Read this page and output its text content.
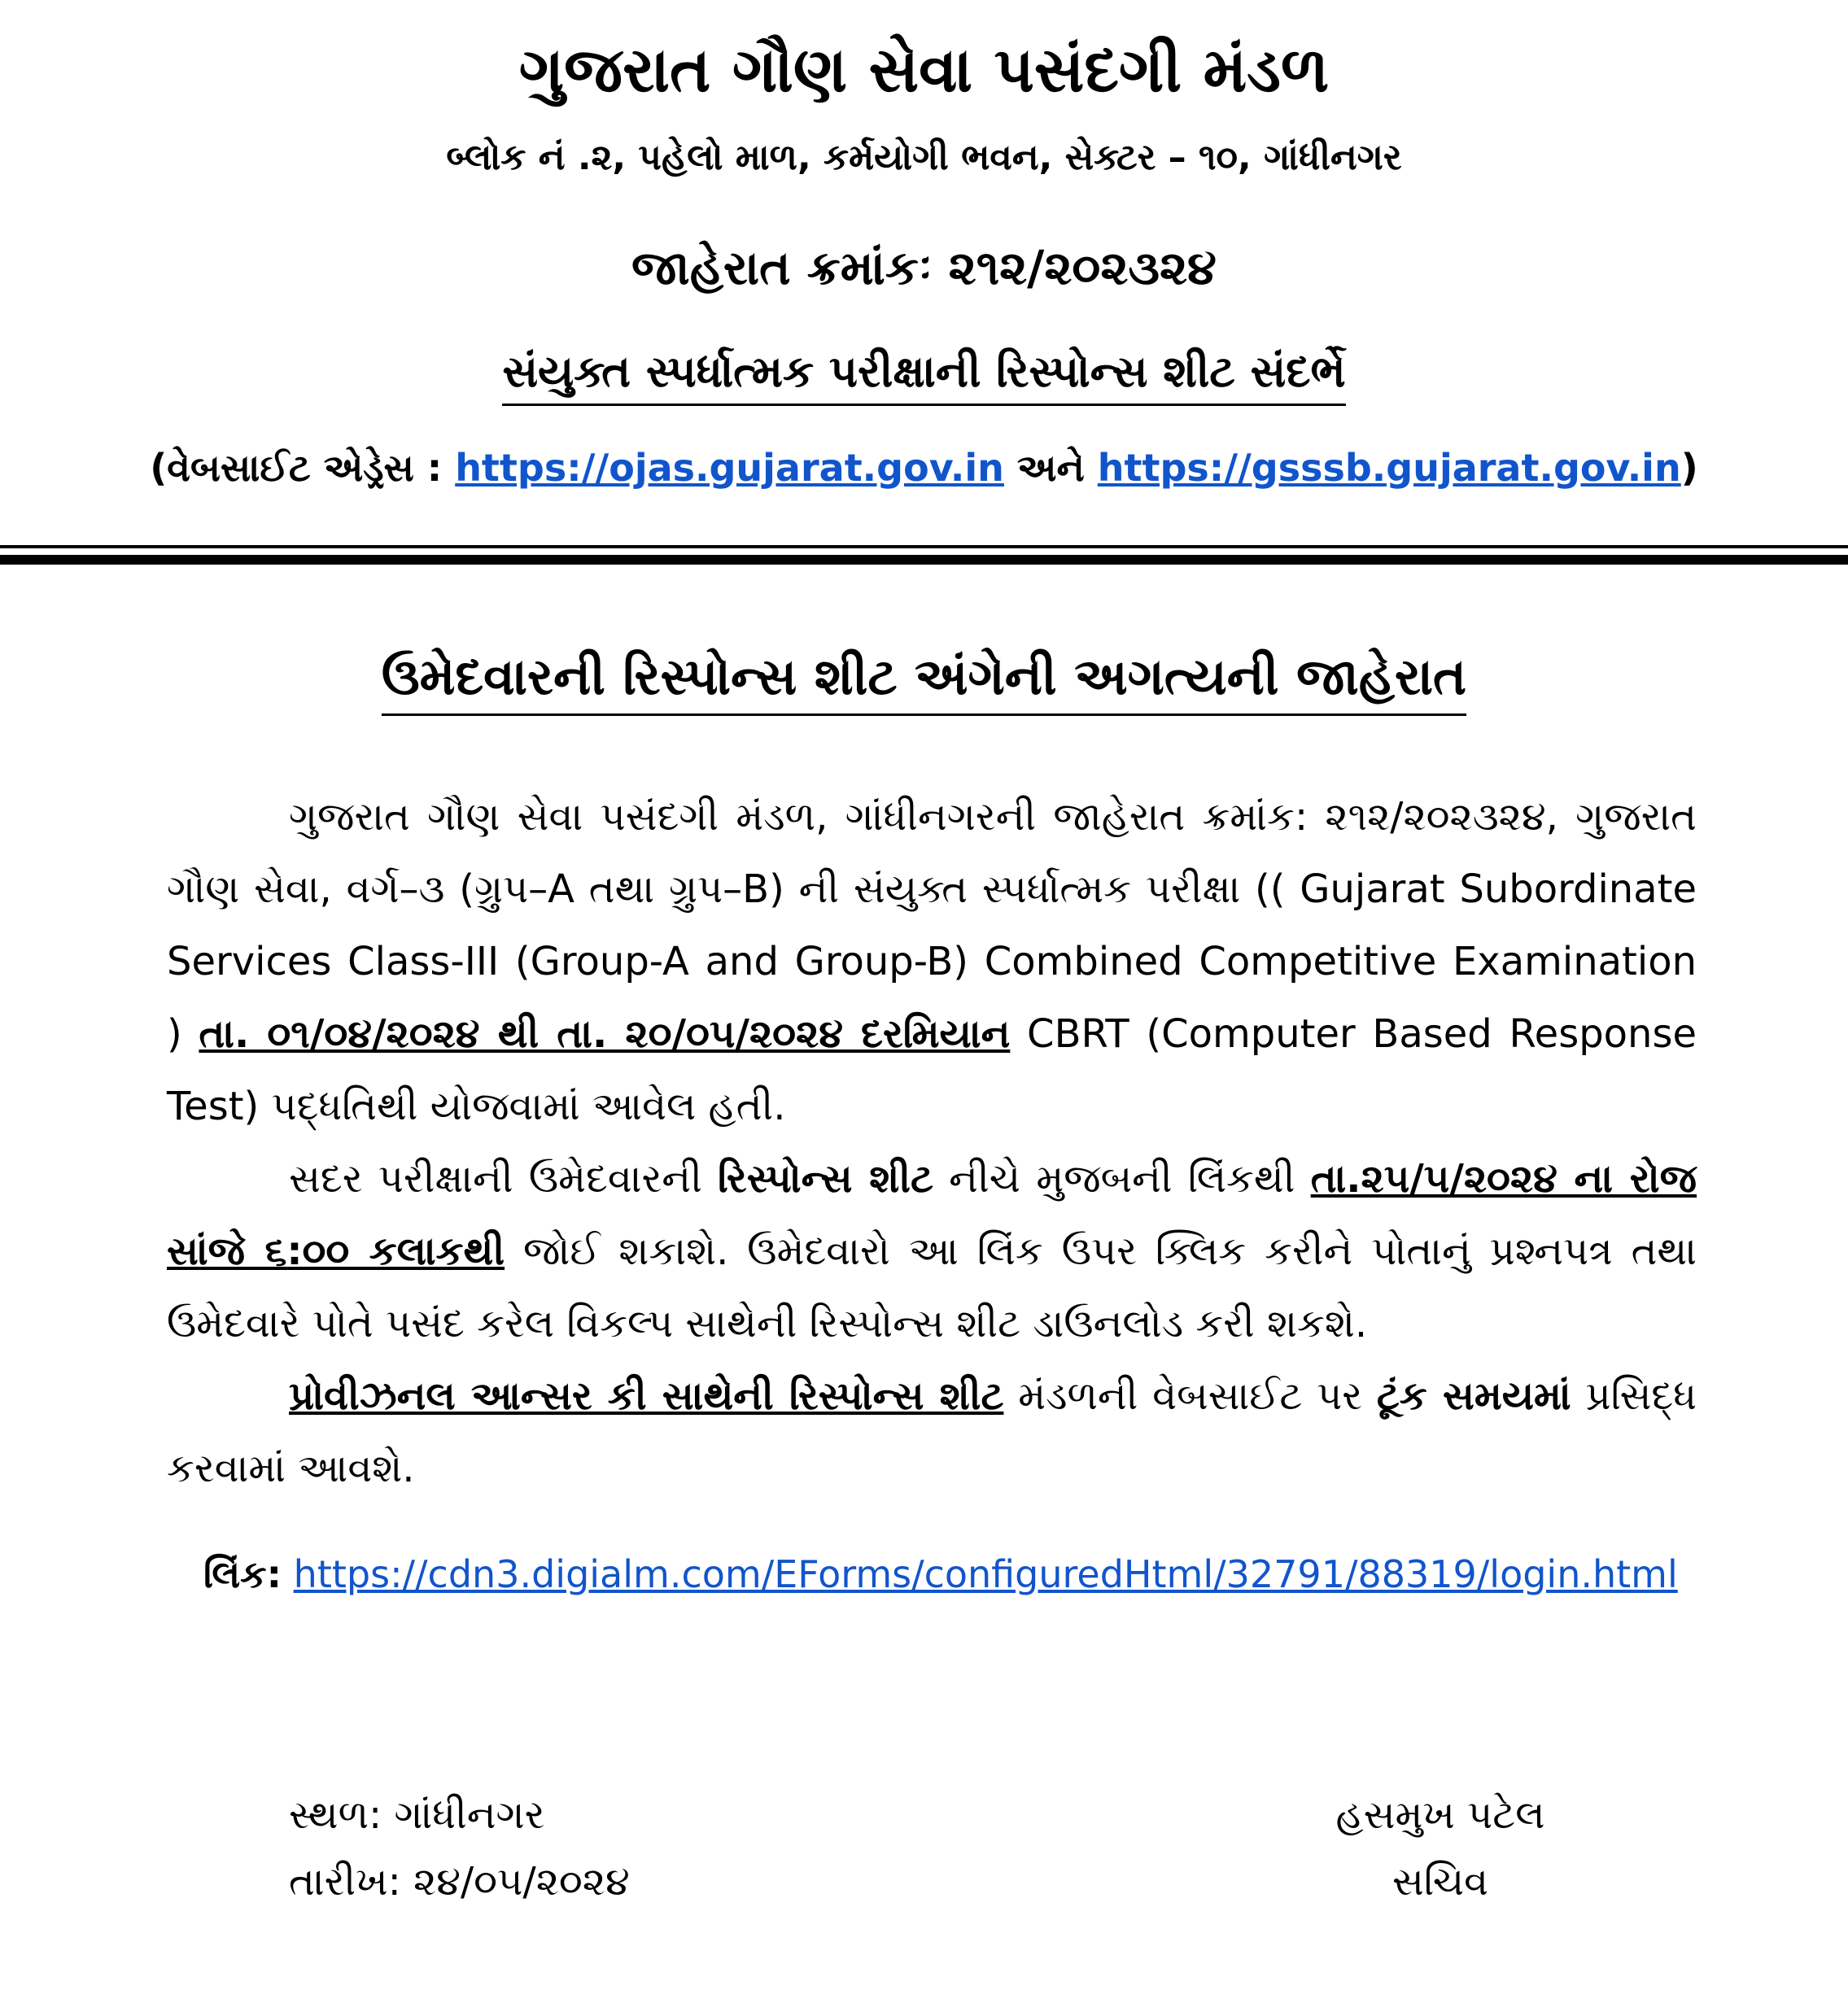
ગુજરાત ગૌણ સેવા પસંદગી મંડળ
બ્લોક નં .૨, પહેલો માળ, કર્મયોગી ભવન, સેક્ટર – ૧૦, ગાંધીનગર
જાહેરાત ક્રમાંકઃ ૨૧૨/૨૦૨૩૨૪
સંયુક્ત સ્પર્ધાત્મક પરીક્ષાની રિસ્પોન્સ શીટ સંદર્ભે
(વેબસાઈટ એડ્રેસ : https://ojas.gujarat.gov.in અને https://gsssb.gujarat.gov.in)
ઉમેદવારની રિસ્પોન્સ શીટ અંગેની અગત્યની જાહેરાત

ગુજરાત ગૌણ સેવા પસંદગી મંડળ, ગાંધીનગરની જાહેરાત ક્રમાંક: ૨૧૨/૨૦૨૩૨૪, ગુજરાત ગૌણ સેવા, વર્ગ–૩ (ગ્રુપ–A તથા ગ્રુપ–B) ની સંયુક્ત સ્પર્ધાત્મક પરીક્ષા (( Gujarat Subordinate Services Class-III (Group-A and Group-B) Combined Competitive Examination ) તા. ૦૧/૦૪/૨૦૨૪ થી તા. ૨૦/૦૫/૨૦૨૪ દરમિયાન CBRT (Computer Based Response Test) પદ્ધતિથી યોજવામાં આવેલ હતી.

સદર પરીક્ષાની ઉમેદવારની રિસ્પોન્સ શીટ નીચે મુજબની લિંકથી તા.૨૫/૫/૨૦૨૪ ના રોજ સાંજે ૬:૦૦ કલાકથી જોઈ શકાશે. ઉમેદવારો આ લિંક ઉપર ક્લિક કરીને પોતાનું પ્રશ્નપત્ર તથા ઉમેદવારે પોતે પસંદ કરેલ વિકલ્પ સાથેની રિસ્પોન્સ શીટ ડાઉનલોડ કરી શકશે.

પ્રોવીઝનલ આન્સર કી સાથેની રિસ્પોન્સ શીટ મંડળની વેબસાઈટ પર ટૂંક સમયમાં પ્રસિદ્ધ કરવામાં આવશે.

લિંક: https://cdn3.digialm.com/EForms/configuredHtml/32791/88319/login.html
સ્થળ: ગાંધીનગર
તારીખ: ૨૪/૦૫/૨૦૨૪
હસમુખ પટેલ
સચિવ
